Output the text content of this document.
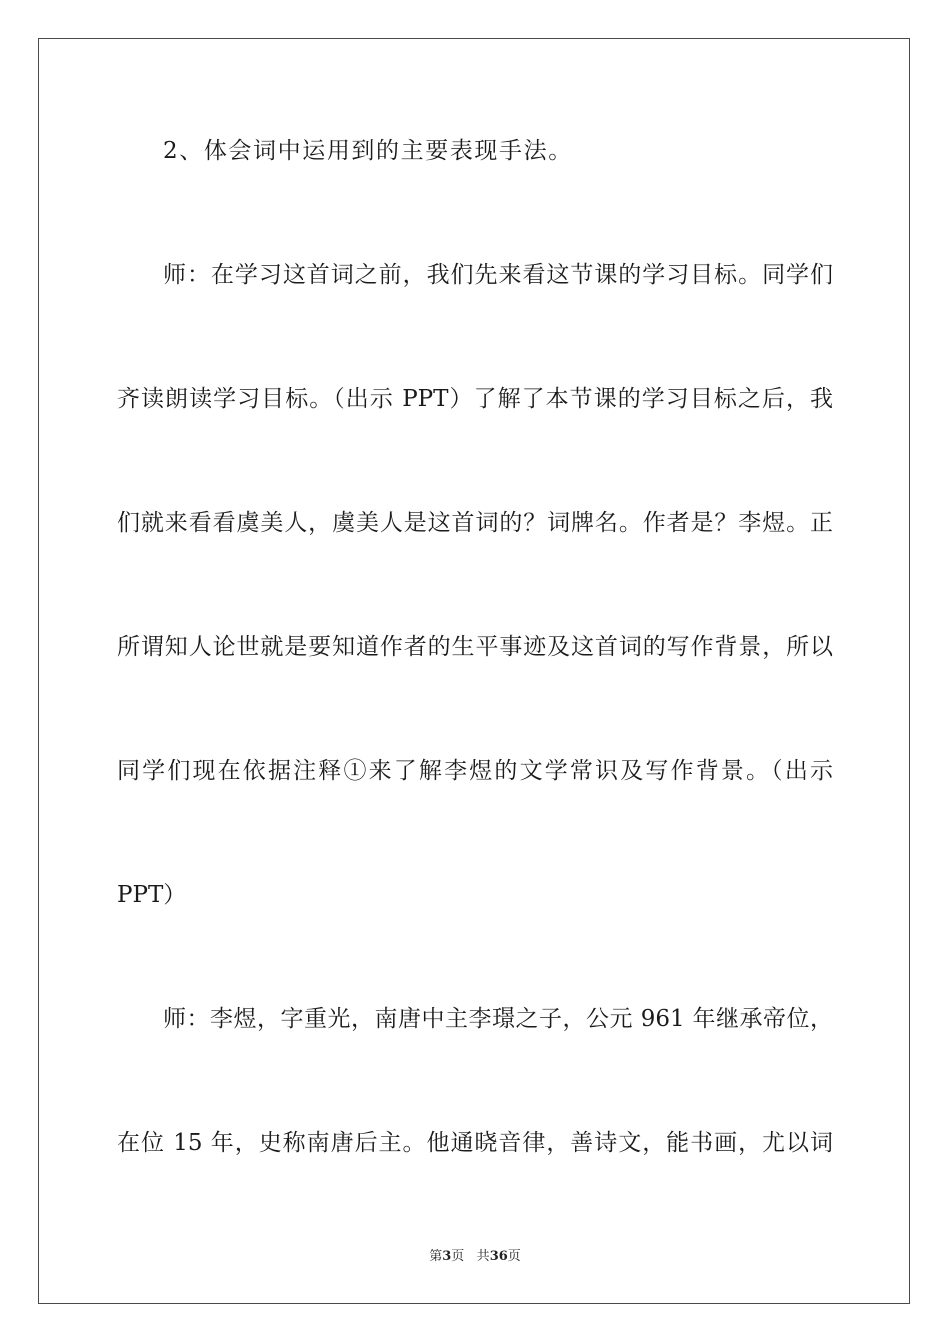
2、体会词中运用到的主要表现手法。
师：在学习这首词之前，我们先来看这节课的学习目标。同学们
齐读朗读学习目标。（出示 PPT）了解了本节课的学习目标之后，我
们就来看看虞美人，虞美人是这首词的？词牌名。作者是？李煜。正
所谓知人论世就是要知道作者的生平事迹及这首词的写作背景，所以
同学们现在依据注释①来了解李煜的文学常识及写作背景。（出示
PPT）
师：李煜，字重光，南唐中主李璟之子，公元 961 年继承帝位，
在位 15 年，史称南唐后主。他通晓音律，善诗文，能书画，尤以词
第3页 共36页
